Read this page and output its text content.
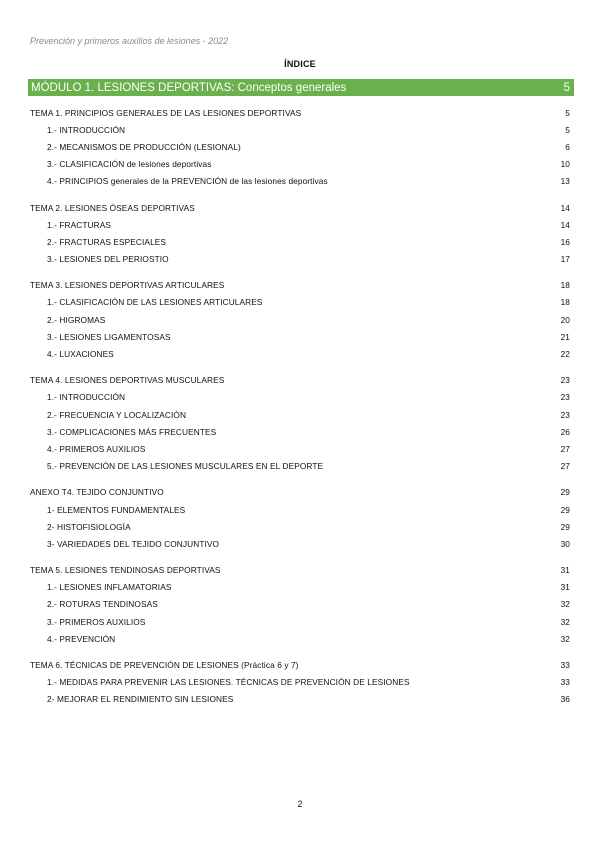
Prevención y primeros auxilios de lesiones - 2022
ÍNDICE
MÓDULO 1. LESIONES DEPORTIVAS: Conceptos generales	5
TEMA 1. PRINCIPIOS GENERALES DE LAS LESIONES DEPORTIVAS	5
1.- INTRODUCCIÓN	5
2.- MECANISMOS DE PRODUCCIÓN (LESIONAL)	6
3.- CLASIFICACIÓN de lesiones deportivas	10
4.- PRINCIPIOS generales de la PREVENCIÓN de las lesiones deportivas	13
TEMA 2. LESIONES ÓSEAS DEPORTIVAS	14
1.- FRACTURAS	14
2.- FRACTURAS ESPECIALES	16
3.- LESIONES DEL PERIOSTIO	17
TEMA 3. LESIONES DEPORTIVAS ARTICULARES	18
1.- CLASIFICACIÓN DE LAS LESIONES ARTICULARES	18
2.- HIGROMAS	20
3.- LESIONES LIGAMENTOSAS	21
4.- LUXACIONES	22
TEMA 4. LESIONES DEPORTIVAS MUSCULARES	23
1.- INTRODUCCIÓN	23
2.- FRECUENCIA Y LOCALIZACIÓN	23
3.- COMPLICACIONES MÁS FRECUENTES	26
4.- PRIMEROS AUXILIOS	27
5.- PREVENCIÓN DE LAS LESIONES MUSCULARES EN EL DEPORTE	27
ANEXO T4. TEJIDO CONJUNTIVO	29
1- ELEMENTOS FUNDAMENTALES	29
2- HISTOFISIOLOGÍA	29
3- VARIEDADES DEL TEJIDO CONJUNTIVO	30
TEMA 5. LESIONES TENDINOSAS DEPORTIVAS	31
1.- LESIONES INFLAMATORIAS	31
2.- ROTURAS TENDINOSAS	32
3.- PRIMEROS AUXILIOS	32
4.- PREVENCIÓN	32
TEMA 6. TÉCNICAS DE PREVENCIÓN DE LESIONES (Práctica 6 y 7)	33
1.- MEDIDAS PARA PREVENIR LAS LESIONES. TÉCNICAS DE PREVENCIÓN DE LESIONES	33
2- MEJORAR EL RENDIMIENTO SIN LESIONES	36
2
